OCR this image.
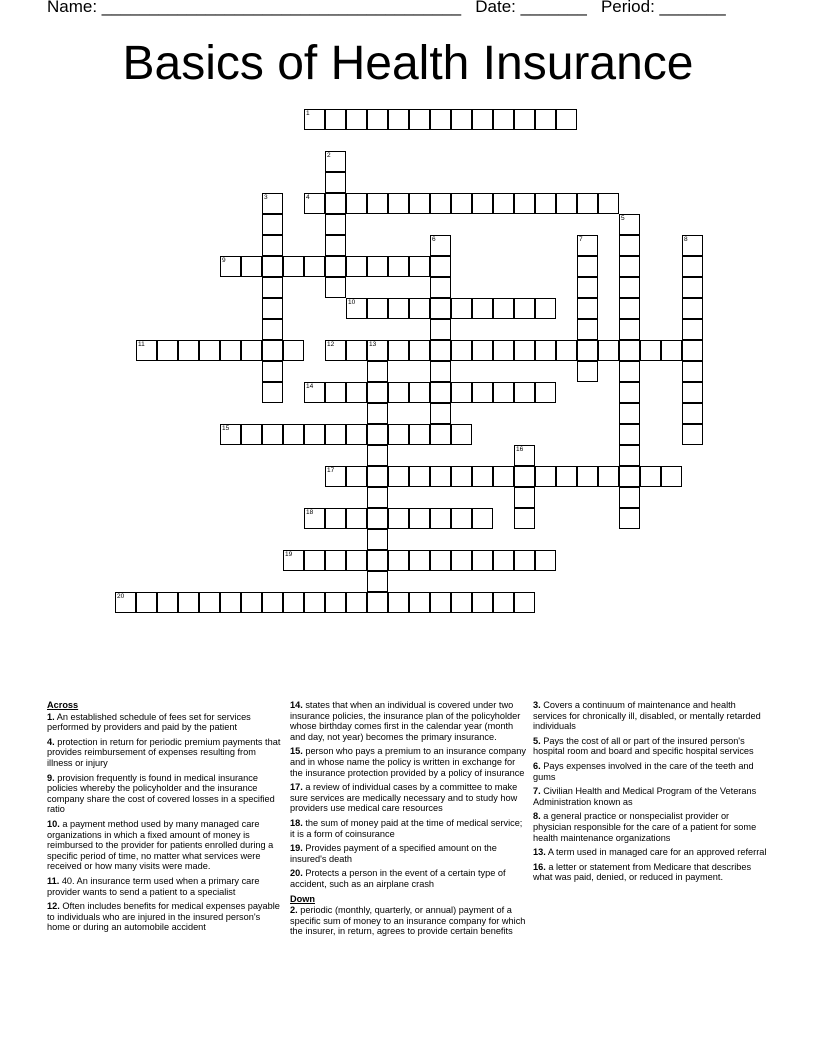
Name: ______________________________________   Date: _______   Period: _______
Basics of Health Insurance
1
2
3	4
5
6	7	8
9
10
11	12	13
14
15
16
17
18
19
20
Across
1. An established schedule of fees set for services performed by providers and paid by the patient
4. protection in return for periodic premium payments that provides reimbursement of expenses resulting from illness or injury
9. provision frequently is found in medical insurance policies whereby the policyholder and the insurance company share the cost of covered losses in a specified ratio
10. a payment method used by many managed care organizations in which a fixed amount of money is reimbursed to the provider for patients enrolled during a specific period of time, no matter what services were received or how many visits were made.
11. 40. An insurance term used when a primary care provider wants to send a patient to a specialist
12. Often includes benefits for medical expenses payable to individuals who are injured in the insured person's home or during an automobile accident
14. states that when an individual is covered under two insurance policies, the insurance plan of the policyholder whose birthday comes first in the calendar year (month and day, not year) becomes the primary insurance.
15. person who pays a premium to an insurance company and in whose name the policy is written in exchange for the insurance protection provided by a policy of insurance
17. a review of individual cases by a committee to make sure services are medically necessary and to study how providers use medical care resources
18. the sum of money paid at the time of medical service; it is a form of coinsurance
19. Provides payment of a specified amount on the insured's death
20. Protects a person in the event of a certain type of accident, such as an airplane crash
Down
2. periodic (monthly, quarterly, or annual) payment of a specific sum of money to an insurance company for which the insurer, in return, agrees to provide certain benefits
3. Covers a continuum of maintenance and health services for chronically ill, disabled, or mentally retarded individuals
5. Pays the cost of all or part of the insured person's hospital room and board and specific hospital services
6. Pays expenses involved in the care of the teeth and gums
7. Civilian Health and Medical Program of the Veterans Administration known as
8. a general practice or nonspecialist provider or physician responsible for the care of a patient for some health maintenance organizations
13. A term used in managed care for an approved referral
16. a letter or statement from Medicare that describes what was paid, denied, or reduced in payment.
